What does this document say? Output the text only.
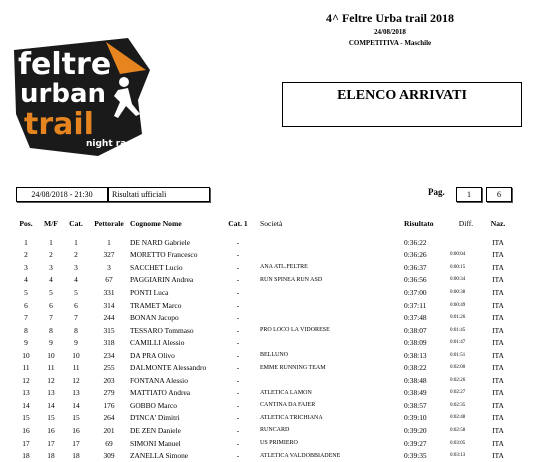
feltre
urban
trail
night race
4^ Feltre Urba trail 2018
24/08/2018
COMPETITIVA - Maschile
ELENCO ARRIVATI
24/08/2018 - 21:30	Risultati ufficiali	Pag.	1	6
Pos.	M/F	Cat.	Pettorale	Cognome Nome	Cat. 1	Società	Risultato	Diff.	Naz.
1	1	1	1	DE NARD Gabriele	-		0:36:22		ITA
2	2	2	327	MORETTO Francesco	-		0:36:26	0:00:04	ITA
3	3	3	3	SACCHET Lucio	-	ANA ATL.FELTRE	0:36:37	0:00:15	ITA
4	4	4	67	PAGGIARIN Andrea	-	RUN SPINEA RUN ASD	0:36:56	0:00:34	ITA
5	5	5	331	PONTI Luca	-		0:37:00	0:00:38	ITA
6	6	6	314	TRAMET Marco	-		0:37:11	0:00:49	ITA
7	7	7	244	BONAN Jacopo	-		0:37:48	0:01:26	ITA
8	8	8	315	TESSARO Tommaso	-	PRO LOCO LA VIDORESE	0:38:07	0:01:45	ITA
9	9	9	318	CAMILLI Alessio	-		0:38:09	0:01:47	ITA
10	10	10	234	DA PRA Olivo	-	BELLUNO	0:38:13	0:01:51	ITA
11	11	11	255	DALMONTE Alessandro	-	EMME RUNNING TEAM	0:38:22	0:02:00	ITA
12	12	12	203	FONTANA Alessio	-		0:38:48	0:02:26	ITA
13	13	13	279	MATTIATO Andrea	-	ATLETICA LAMON	0:38:49	0:02:27	ITA
14	14	14	176	GOBBO Marco	-	CANTINA DA FAJER	0:38:57	0:02:35	ITA
15	15	15	264	D'INCA' Dimitri	-	ATLETICA TRICHIANA	0:39:10	0:02:48	ITA
16	16	16	201	DE ZEN Daniele	-	RUNCARD	0:39:20	0:02:58	ITA
17	17	17	69	SIMONI Manuel	-	US PRIMIERO	0:39:27	0:03:05	ITA
18	18	18	309	ZANELLA Simone	-	ATLETICA VALDOBBIADENE	0:39:35	0:03:13	ITA
